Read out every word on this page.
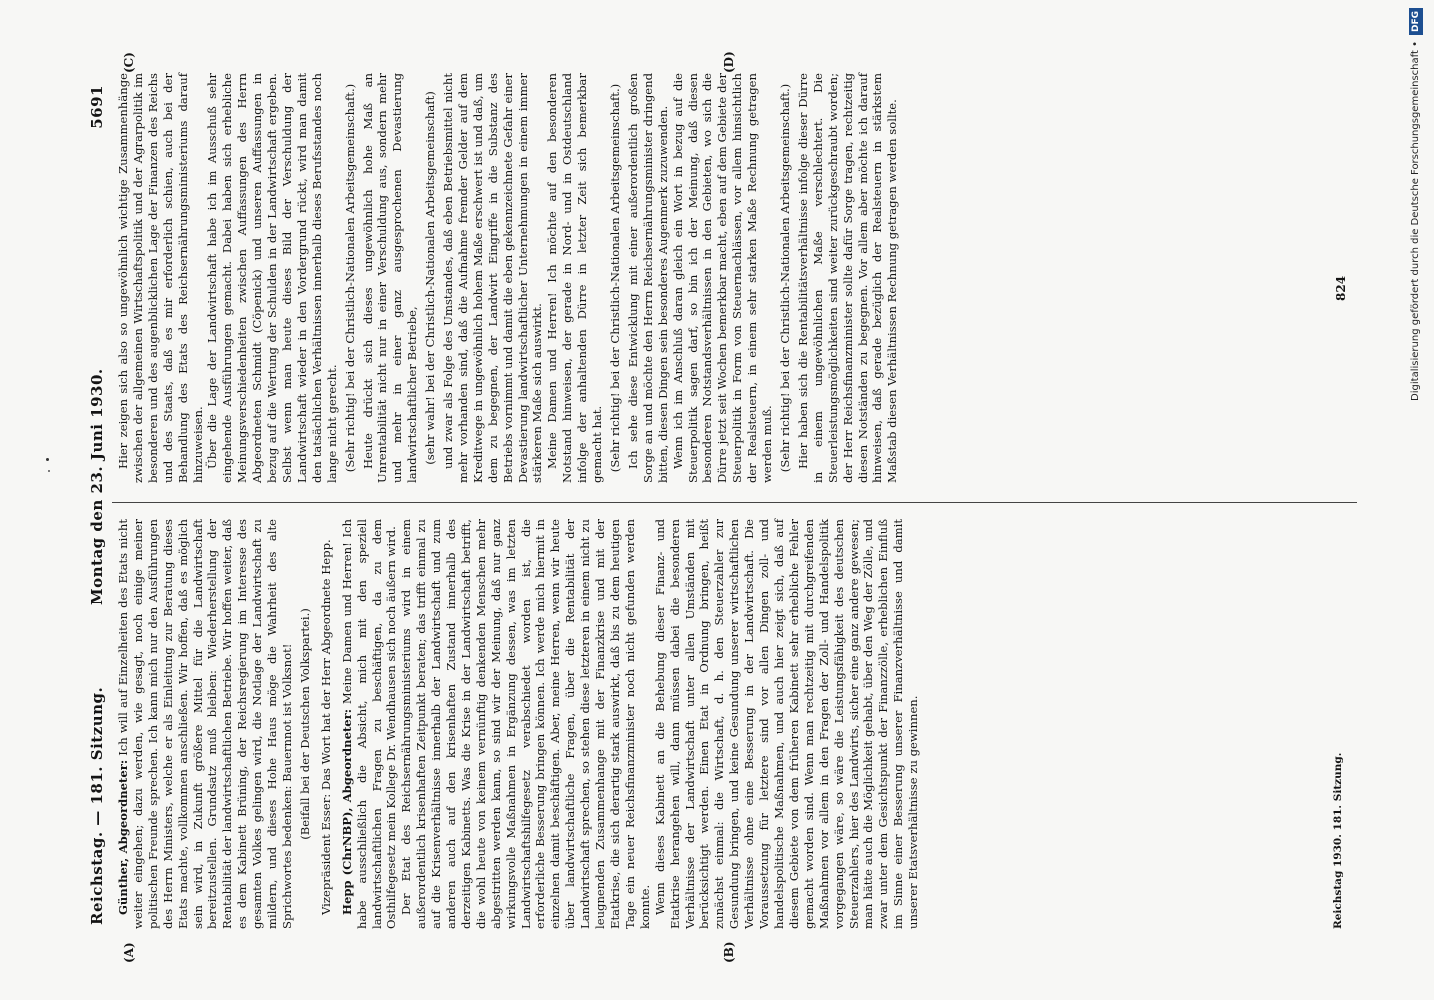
Reichstag. — 181. Sitzung.
Montag den 23. Juni 1930.
5691
(A)	(B)
(C)	(D)

Günther, Abgeordneter: Ich will auf Einzelheiten des Etats nicht weiter eingehen; dazu werden, wie gesagt, noch einige meiner politischen Freunde sprechen. Ich kann mich nur den Ausführungen des Herrn Ministers, welche er als Einleitung zur Beratung dieses Etats machte, vollkommen anschließen. Wir hoffen, daß es möglich sein wird, in Zukunft größere Mittel für die Landwirtschaft bereitzustellen. Grundsatz muß bleiben: Wiederherstellung der Rentabilität der landwirtschaftlichen Betriebe. Wir hoffen weiter, daß es dem Kabinett Brüning, der Reichsregierung im Interesse des gesamten Volkes gelingen wird, die Notlage der Landwirtschaft zu mildern, und dieses Hohe Haus möge die Wahrheit des alte Sprichwortes bedenken: Bauernnot ist Volksnot! (Beifall bei der Deutschen Volkspartei.) Vizepräsident Esser: Das Wort hat der Herr Abgeordnete Hepp. Hepp (ChrNBP), Abgeordneter: Meine Damen und Herren! Ich habe ausschließlich die Absicht, mich mit den speziell landwirtschaftlichen Fragen zu beschäftigen, da zu dem Osthilfegesetz mein Kollege Dr. Wendhausen sich noch äußern wird. Der Etat des Reichsernährungsministeriums wird in einem außerordentlich krisenhaften Zeitpunkt beraten; das trifft einmal zu auf die Krisenverhältnisse innerhalb der Landwirtschaft und zum anderen auch auf den krisenhaften Zustand innerhalb des derzeitigen Kabinetts. Was die Krise in der Landwirtschaft betrifft, die wohl heute von keinem vernünftig denkenden Menschen mehr abgestritten werden kann, so sind wir der Meinung, daß nur ganz wirkungsvolle Maßnahmen in Ergänzung dessen, was im letzten Landwirtschaftshilfegesetz verabschiedet worden ist, die erforderliche Besserung bringen können. Ich werde mich hiermit in einzelnen damit beschäftigen. Aber, meine Herren, wenn wir heute über landwirtschaftliche Fragen, über die Rentabilität der Landwirtschaft sprechen, so stehen diese letzteren in einem nicht zu leugnenden Zusammenhange mit der Finanzkrise und mit der Etatkrise, die sich derartig stark auswirkt, daß bis zu dem heutigen Tage ein neuer Reichsfinanzminister noch nicht gefunden werden konnte. Wenn dieses Kabinett an die Behebung dieser Finanz- und Etatkrise herangehen will, dann müssen dabei die besonderen Verhältnisse der Landwirtschaft unter allen Umständen mit berücksichtigt werden. Einen Etat in Ordnung bringen, heißt zunächst einmal: die Wirtschaft, d. h. den Steuerzahler zur Gesundung bringen, und keine Gesundung unserer wirtschaftlichen Verhältnisse ohne eine Besserung in der Landwirtschaft. Die Voraussetzung für letztere sind vor allen Dingen zoll- und handelspolitische Maßnahmen, und auch hier zeigt sich, daß auf diesem Gebiete von dem früheren Kabinett sehr erhebliche Fehler gemacht worden sind. Wenn man rechtzeitig mit durchgreifenden Maßnahmen vor allem in den Fragen der Zoll- und Handelspolitik vorgegangen wäre, so wäre die Leistungsfähigkeit des deutschen Steuerzahlers, hier des Landwirts, sicher eine ganz andere gewesen; man hätte auch die Möglichkeit gehabt, über den Weg der Zölle, und zwar unter dem Gesichtspunkt der Finanzzölle, erheblichen Einfluß im Sinne einer Besserung unserer Finanzverhältnisse und damit unserer Etatsverhältnisse zu gewinnen.

Hier zeigen sich also so ungewöhnlich wichtige Zusammenhänge zwischen der allgemeinen Wirtschaftspolitik und der Agrarpolitik im besonderen und des augenblicklichen Lage der Finanzen des Reichs und des Staats, daß es mir erforderlich schien, auch bei der Behandlung des Etats des Reichsernährungsministeriums darauf hinzuweisen. Über die Lage der Landwirtschaft habe ich im Ausschuß sehr eingehende Ausführungen gemacht. Dabei haben sich erhebliche Meinungsverschiedenheiten zwischen Auffassungen des Herrn Abgeordneten Schmidt (Cöpenick) und unseren Auffassungen in bezug auf die Wertung der Schulden in der Landwirtschaft ergeben. Selbst wenn man heute dieses Bild der Verschuldung der Landwirtschaft wieder in den Vordergrund rückt, wird man damit den tatsächlichen Verhältnissen innerhalb dieses Berufsstandes noch lange nicht gerecht. (Sehr richtig! bei der Christlich-Nationalen Arbeitsgemeinschaft.) Heute drückt sich dieses ungewöhnlich hohe Maß an Unrentabilität nicht nur in einer Verschuldung aus, sondern mehr und mehr in einer ganz ausgesprochenen Devastierung landwirtschaftlicher Betriebe, (sehr wahr! bei der Christlich-Nationalen Arbeitsgemeinschaft) und zwar als Folge des Umstandes, daß eben Betriebsmittel nicht mehr vorhanden sind, daß die Aufnahme fremder Gelder auf dem Kreditwege in ungewöhnlich hohem Maße erschwert ist und daß, um dem zu begegnen, der Landwirt Eingriffe in die Substanz des Betriebs vornimmt und damit die eben gekennzeichnete Gefahr einer Devastierung landwirtschaftlicher Unternehmungen in einem immer stärkeren Maße sich auswirkt. Meine Damen und Herren! Ich möchte auf den besonderen Notstand hinweisen, der gerade in Nord- und in Ostdeutschland infolge der anhaltenden Dürre in letzter Zeit sich bemerkbar gemacht hat. (Sehr richtig! bei der Christlich-Nationalen Arbeitsgemeinschaft.) Ich sehe diese Entwicklung mit einer außerordentlich großen Sorge an und möchte den Herrn Reichsernährungsminister dringend bitten, diesen Dingen sein besonderes Augenmerk zuzuwenden. Wenn ich im Anschluß daran gleich ein Wort in bezug auf die Steuerpolitik sagen darf, so bin ich der Meinung, daß diesen besonderen Notstandsverhältnissen in den Gebieten, wo sich die Dürre jetzt seit Wochen bemerkbar macht, eben auf dem Gebiete der Steuerpolitik in Form von Steuernachlässen, vor allem hinsichtlich der Realsteuern, in einem sehr starken Maße Rechnung getragen werden muß. (Sehr richtig! bei der Christlich-Nationalen Arbeitsgemeinschaft.) Hier haben sich die Rentabilitätsverhältnisse infolge dieser Dürre in einem ungewöhnlichen Maße verschlechtert. Die Steuerleistungsmöglichkeiten sind weiter zurückgeschraubt worden; der Herr Reichsfinanzminister sollte dafür Sorge tragen, rechtzeitig diesen Notständen zu begegnen. Vor allem aber möchte ich darauf hinweisen, daß gerade bezüglich der Realsteuern in stärkstem Maßstab diesen Verhältnissen Rechnung getragen werden sollte.

Reichstag 1930. 181. Sitzung.
824	Digitalisierung gefördert durch die Deutsche Forschungsgemeinschaft •DFG
